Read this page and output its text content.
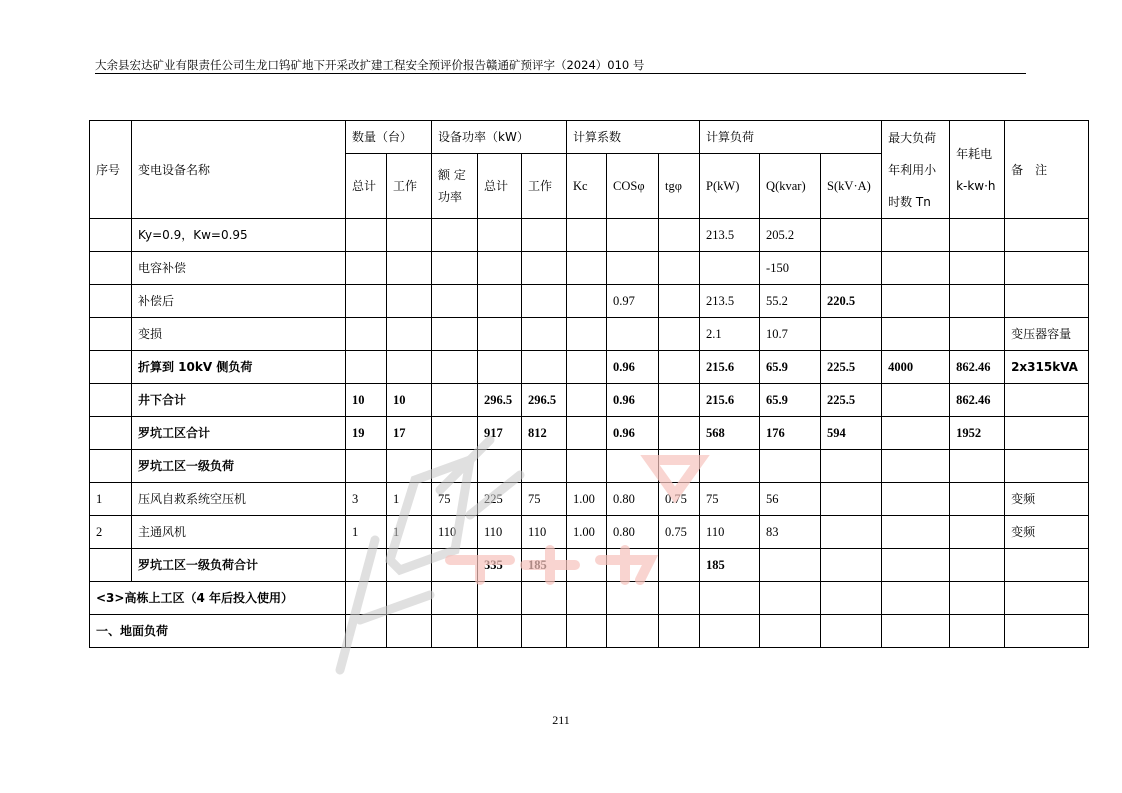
大余县宏达矿业有限责任公司生龙口钨矿地下开采改扩建工程安全预评价报告赣通矿预评字（2024）010 号
序号	变电设备名称	数量（台）		设备功率（kW）			计算系数			计算负荷			最大负荷年利用小时数 Tn	年耗电 k-kw·h	备　注
		总计	工作	额 定 功率	总计	工作	Kc	COSφ	tgφ	P(kW)	Q(kvar)	S(kV·A)			
	Ky=0.9，Kw=0.95									213.5	205.2				
	电容补偿										-150				
	补偿后							0.97		213.5	55.2	220.5			
	变损									2.1	10.7				变压器容量
	折算到 10kV 侧负荷							0.96		215.6	65.9	225.5	4000	862.46	2x315kVA
	井下合计	10	10		296.5	296.5		0.96		215.6	65.9	225.5		862.46	
	罗坑工区合计	19	17		917	812		0.96		568	176	594		1952	
	罗坑工区一级负荷														
1	压风自救系统空压机	3	1	75	225	75	1.00	0.80	0.75	75	56				变频
2	主通风机	1	1	110	110	110	1.00	0.80	0.75	110	83				变频
	罗坑工区一级负荷合计				335	185				185					
<3>高栋上工区（4 年后投入使用）															
一、地面负荷															
211
